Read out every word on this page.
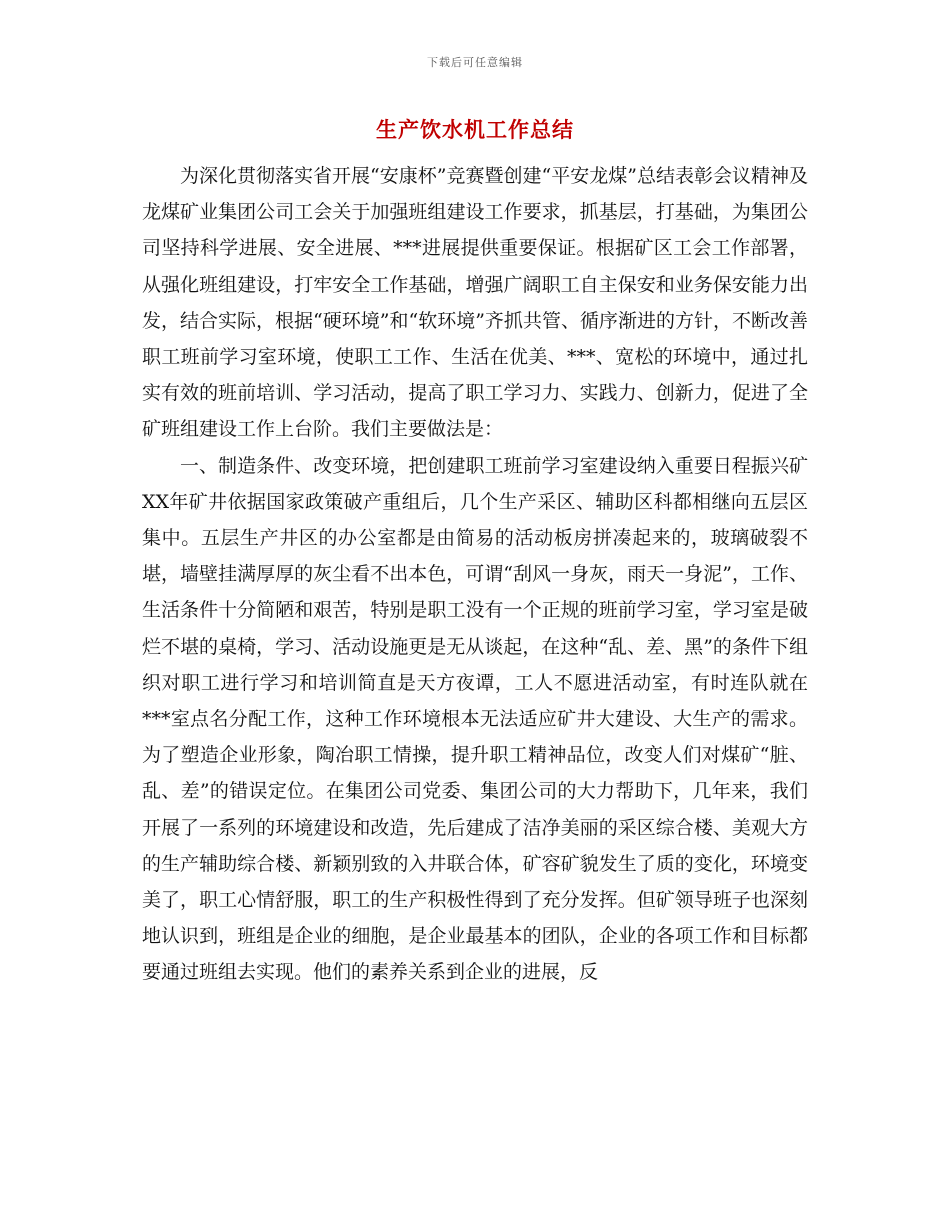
下载后可任意编辑
生产饮水机工作总结

为深化贯彻落实省开展“安康杯”竞赛暨创建“平安龙煤”总结表彰会议精神及龙煤矿业集团公司工会关于加强班组建设工作要求，抓基层，打基础，为集团公司坚持科学进展、安全进展、***进展提供重要保证。根据矿区工会工作部署，从强化班组建设，打牢安全工作基础，增强广阔职工自主保安和业务保安能力出发，结合实际，根据“硬环境”和“软环境”齐抓共管、循序渐进的方针，不断改善职工班前学习室环境，使职工工作、生活在优美、***、宽松的环境中，通过扎实有效的班前培训、学习活动，提高了职工学习力、实践力、创新力，促进了全矿班组建设工作上台阶。我们主要做法是：

一、制造条件、改变环境，把创建职工班前学习室建设纳入重要日程振兴矿XX年矿井依据国家政策破产重组后，几个生产采区、辅助区科都相继向五层区集中。五层生产井区的办公室都是由简易的活动板房拼凑起来的，玻璃破裂不堪，墙壁挂满厚厚的灰尘看不出本色，可谓“刮风一身灰，雨天一身泥”，工作、生活条件十分简陋和艰苦，特别是职工没有一个正规的班前学习室，学习室是破烂不堪的桌椅，学习、活动设施更是无从谈起，在这种“乱、差、黑”的条件下组织对职工进行学习和培训简直是天方夜谭，工人不愿进活动室，有时连队就在***室点名分配工作，这种工作环境根本无法适应矿井大建设、大生产的需求。为了塑造企业形象，陶冶职工情操，提升职工精神品位，改变人们对煤矿“脏、乱、差”的错误定位。在集团公司党委、集团公司的大力帮助下，几年来，我们开展了一系列的环境建设和改造，先后建成了洁净美丽的采区综合楼、美观大方的生产辅助综合楼、新颖别致的入井联合体，矿容矿貌发生了质的变化，环境变美了，职工心情舒服，职工的生产积极性得到了充分发挥。但矿领导班子也深刻地认识到，班组是企业的细胞，是企业最基本的团队，企业的各项工作和目标都要通过班组去实现。他们的素养关系到企业的进展，反
